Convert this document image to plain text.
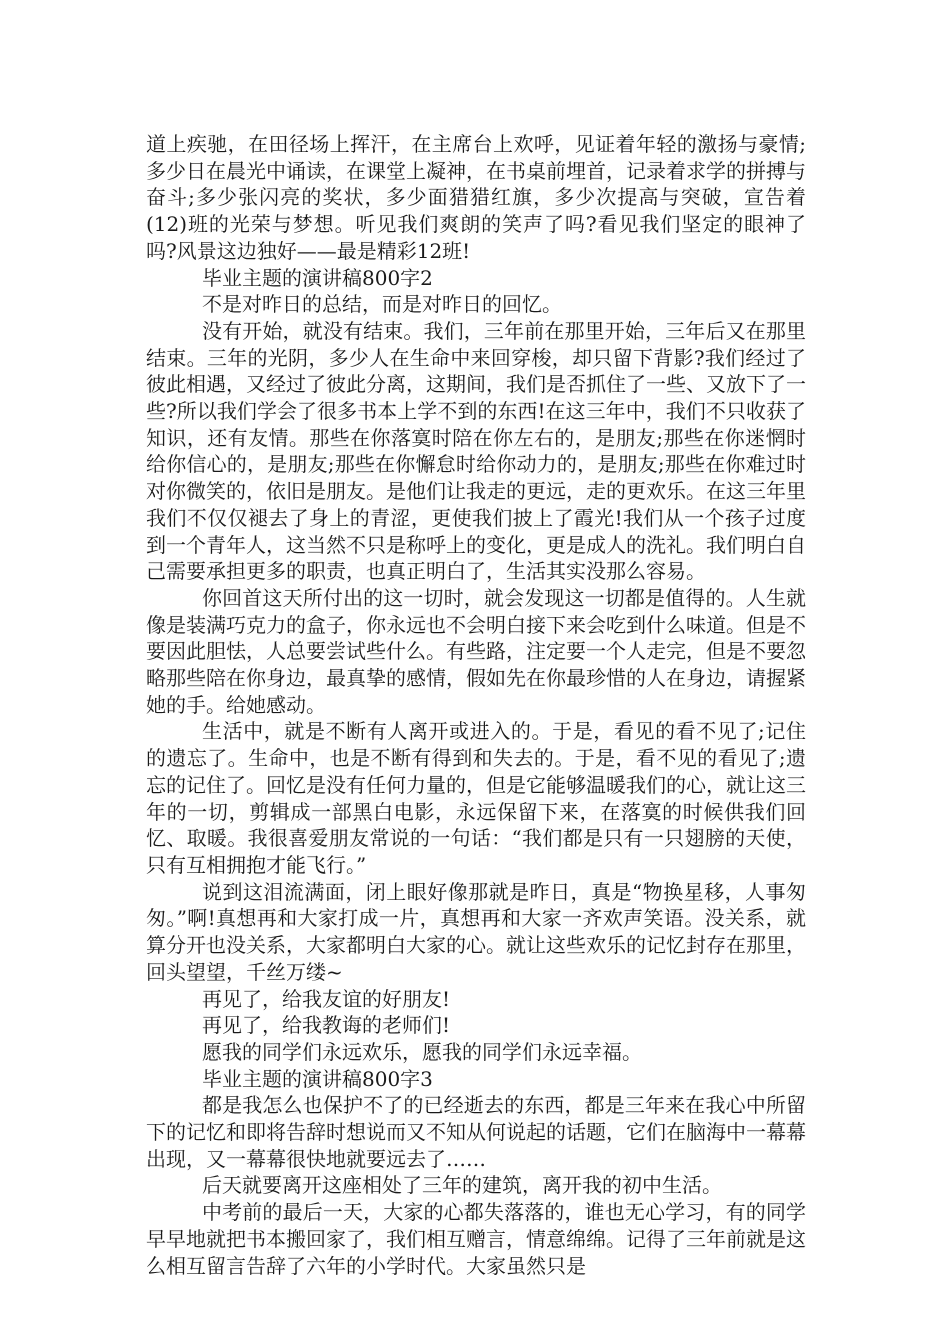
道上疾驰，在田径场上挥汗，在主席台上欢呼，见证着年轻的激扬与豪情;多少日在晨光中诵读，在课堂上凝神，在书桌前埋首，记录着求学的拼搏与奋斗;多少张闪亮的奖状，多少面猎猎红旗，多少次提高与突破，宣告着(12)班的光荣与梦想。听见我们爽朗的笑声了吗?看见我们坚定的眼神了吗?风景这边独好——最是精彩12班!

毕业主题的演讲稿800字2

不是对昨日的总结，而是对昨日的回忆。

没有开始，就没有结束。我们，三年前在那里开始，三年后又在那里结束。三年的光阴，多少人在生命中来回穿梭，却只留下背影?我们经过了彼此相遇，又经过了彼此分离，这期间，我们是否抓住了一些、又放下了一些?所以我们学会了很多书本上学不到的东西!在这三年中，我们不只收获了知识，还有友情。那些在你落寞时陪在你左右的，是朋友;那些在你迷惘时给你信心的，是朋友;那些在你懈怠时给你动力的，是朋友;那些在你难过时对你微笑的，依旧是朋友。是他们让我走的更远，走的更欢乐。在这三年里我们不仅仅褪去了身上的青涩，更使我们披上了霞光!我们从一个孩子过度到一个青年人，这当然不只是称呼上的变化，更是成人的洗礼。我们明白自己需要承担更多的职责，也真正明白了，生活其实没那么容易。

你回首这天所付出的这一切时，就会发现这一切都是值得的。人生就像是装满巧克力的盒子，你永远也不会明白接下来会吃到什么味道。但是不要因此胆怯，人总要尝试些什么。有些路，注定要一个人走完，但是不要忽略那些陪在你身边，最真挚的感情，假如先在你最珍惜的人在身边，请握紧她的手。给她感动。

生活中，就是不断有人离开或进入的。于是，看见的看不见了;记住的遗忘了。生命中，也是不断有得到和失去的。于是，看不见的看见了;遗忘的记住了。回忆是没有任何力量的，但是它能够温暖我们的心，就让这三年的一切，剪辑成一部黑白电影，永远保留下来，在落寞的时候供我们回忆、取暖。我很喜爱朋友常说的一句话：“我们都是只有一只翅膀的天使，只有互相拥抱才能飞行。”

说到这泪流满面，闭上眼好像那就是昨日，真是“物换星移，人事匆匆。”啊!真想再和大家打成一片，真想再和大家一齐欢声笑语。没关系，就算分开也没关系，大家都明白大家的心。就让这些欢乐的记忆封存在那里，回头望望，千丝万缕~

再见了，给我友谊的好朋友!

再见了，给我教诲的老师们!

愿我的同学们永远欢乐，愿我的同学们永远幸福。

毕业主题的演讲稿800字3

都是我怎么也保护不了的已经逝去的东西，都是三年来在我心中所留下的记忆和即将告辞时想说而又不知从何说起的话题，它们在脑海中一幕幕出现，又一幕幕很快地就要远去了……

后天就要离开这座相处了三年的建筑，离开我的初中生活。

中考前的最后一天，大家的心都失落落的，谁也无心学习，有的同学早早地就把书本搬回家了，我们相互赠言，情意绵绵。记得了三年前就是这么相互留言告辞了六年的小学时代。大家虽然只是
